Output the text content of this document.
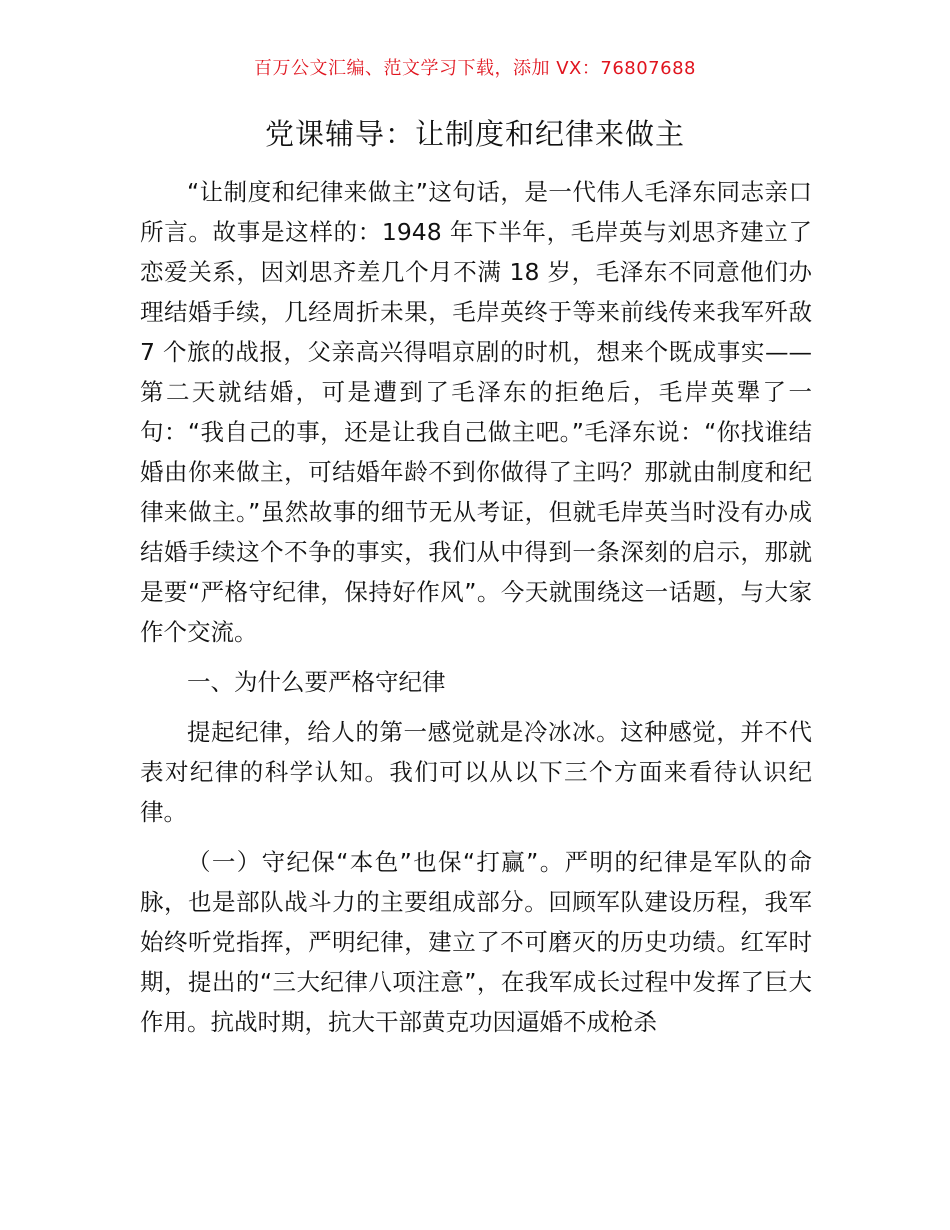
百万公文汇编、范文学习下载，添加 VX：76807688
党课辅导：让制度和纪律来做主

“让制度和纪律来做主”这句话，是一代伟人毛泽东同志亲口所言。故事是这样的：1948 年下半年，毛岸英与刘思齐建立了恋爱关系，因刘思齐差几个月不满 18 岁，毛泽东不同意他们办理结婚手续，几经周折未果，毛岸英终于等来前线传来我军歼敌 7 个旅的战报，父亲高兴得唱京剧的时机，想来个既成事实——第二天就结婚，可是遭到了毛泽东的拒绝后，毛岸英犟了一句：“我自己的事，还是让我自己做主吧。”毛泽东说：“你找谁结婚由你来做主，可结婚年龄不到你做得了主吗？那就由制度和纪律来做主。”虽然故事的细节无从考证，但就毛岸英当时没有办成结婚手续这个不争的事实，我们从中得到一条深刻的启示，那就是要“严格守纪律，保持好作风”。今天就围绕这一话题，与大家作个交流。

一、为什么要严格守纪律

提起纪律，给人的第一感觉就是冷冰冰。这种感觉，并不代表对纪律的科学认知。我们可以从以下三个方面来看待认识纪律。

（一）守纪保“本色”也保“打赢”。严明的纪律是军队的命脉，也是部队战斗力的主要组成部分。回顾军队建设历程，我军始终听党指挥，严明纪律，建立了不可磨灭的历史功绩。红军时期，提出的“三大纪律八项注意”，在我军成长过程中发挥了巨大作用。抗战时期，抗大干部黄克功因逼婚不成枪杀
